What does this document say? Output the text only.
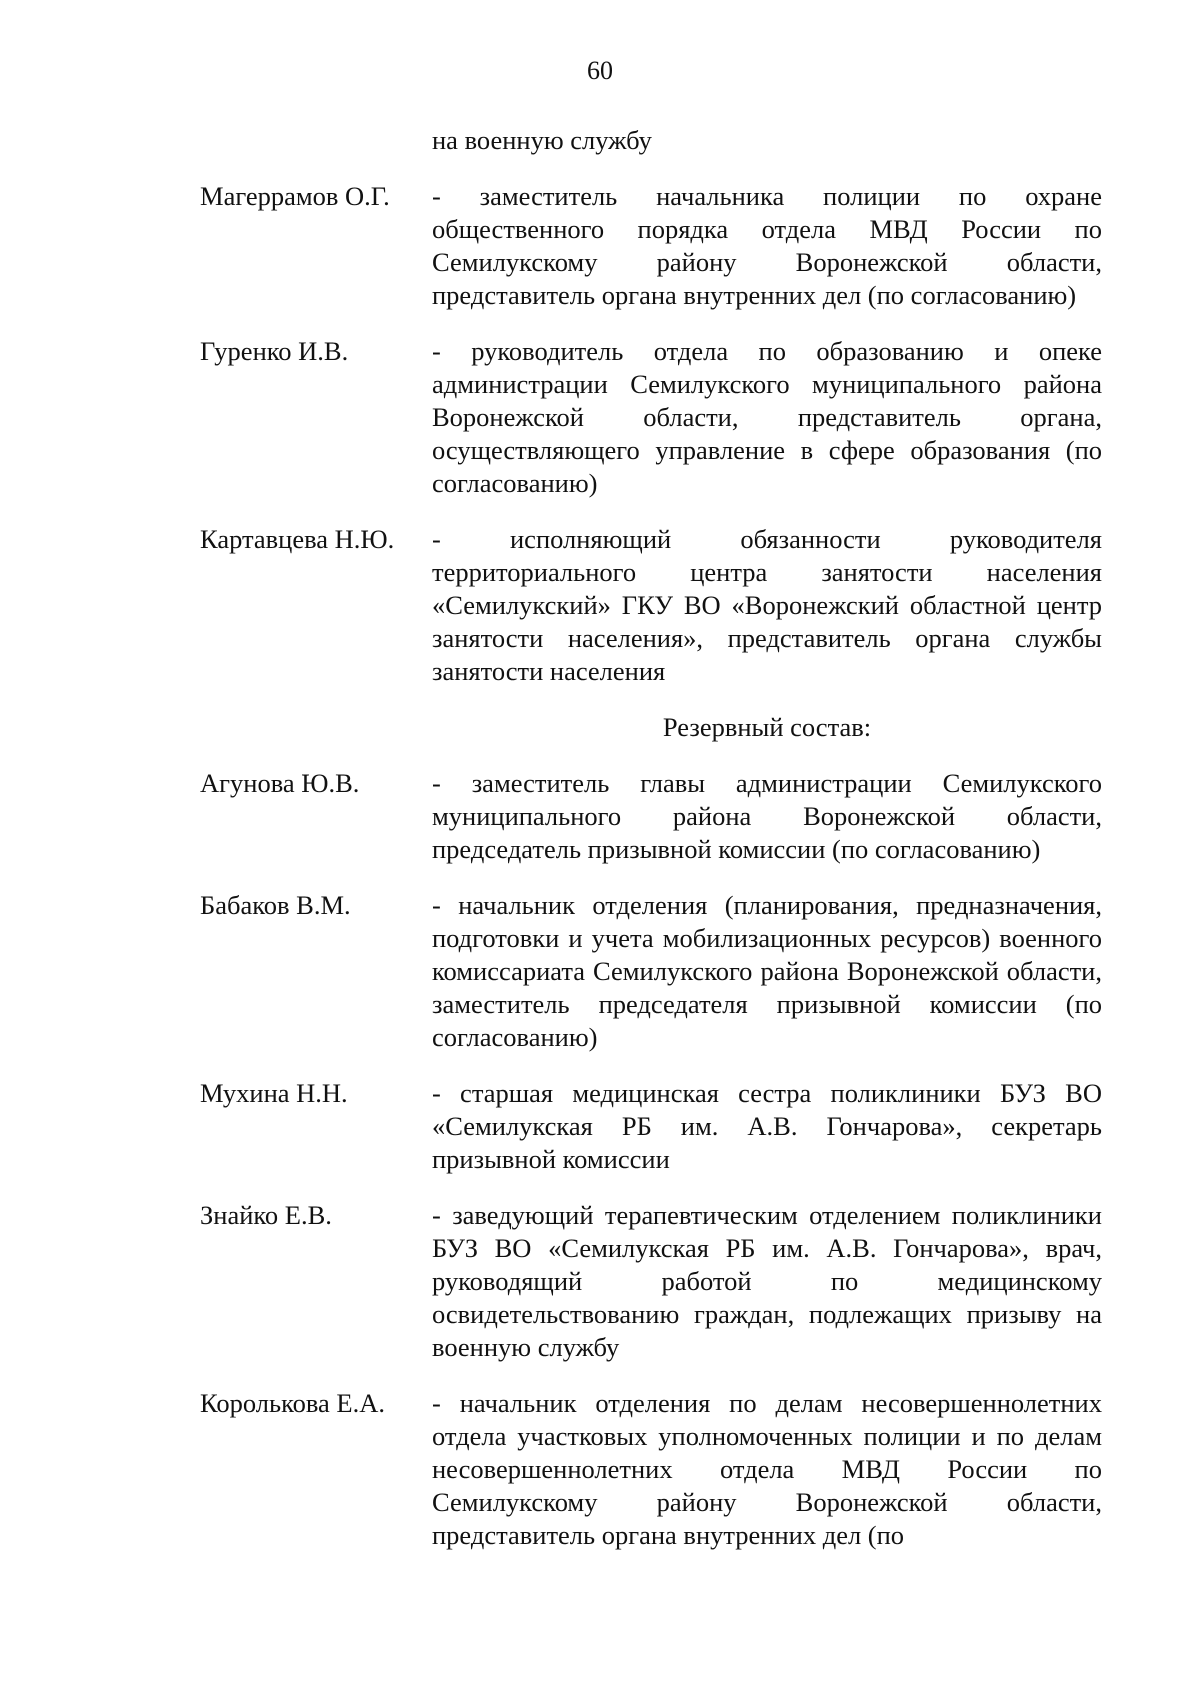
60
на военную службу
Магеррамов О.Г.	- заместитель начальника полиции по охране общественного порядка отдела МВД России по Семилукскому району Воронежской области, представитель органа внутренних дел (по согласованию)
Гуренко И.В.	- руководитель отдела по образованию и опеке администрации Семилукского муниципального района Воронежской области, представитель органа, осуществляющего управление в сфере образования (по согласованию)
Картавцева Н.Ю.	- исполняющий обязанности руководителя территориального центра занятости населения «Семилукский» ГКУ ВО «Воронежский областной центр занятости населения», представитель органа службы занятости населения
Резервный состав:
Агунова Ю.В.	- заместитель главы администрации Семилукского муниципального района Воронежской области, председатель призывной комиссии (по согласованию)
Бабаков В.М.	- начальник отделения (планирования, предназначения, подготовки и учета мобилизационных ресурсов) военного комиссариата Семилукского района Воронежской области, заместитель председателя призывной комиссии (по согласованию)
Мухина Н.Н.	- старшая медицинская сестра поликлиники БУЗ ВО «Семилукская РБ им. А.В. Гончарова», секретарь призывной комиссии
Знайко Е.В.	- заведующий терапевтическим отделением поликлиники БУЗ ВО «Семилукская РБ им. А.В. Гончарова», врач, руководящий работой по медицинскому освидетельствованию граждан, подлежащих призыву на военную службу
Королькова Е.А.	- начальник отделения по делам несовершеннолетних отдела участковых уполномоченных полиции и по делам несовершеннолетних отдела МВД России по Семилукскому району Воронежской области, представитель органа внутренних дел (по
